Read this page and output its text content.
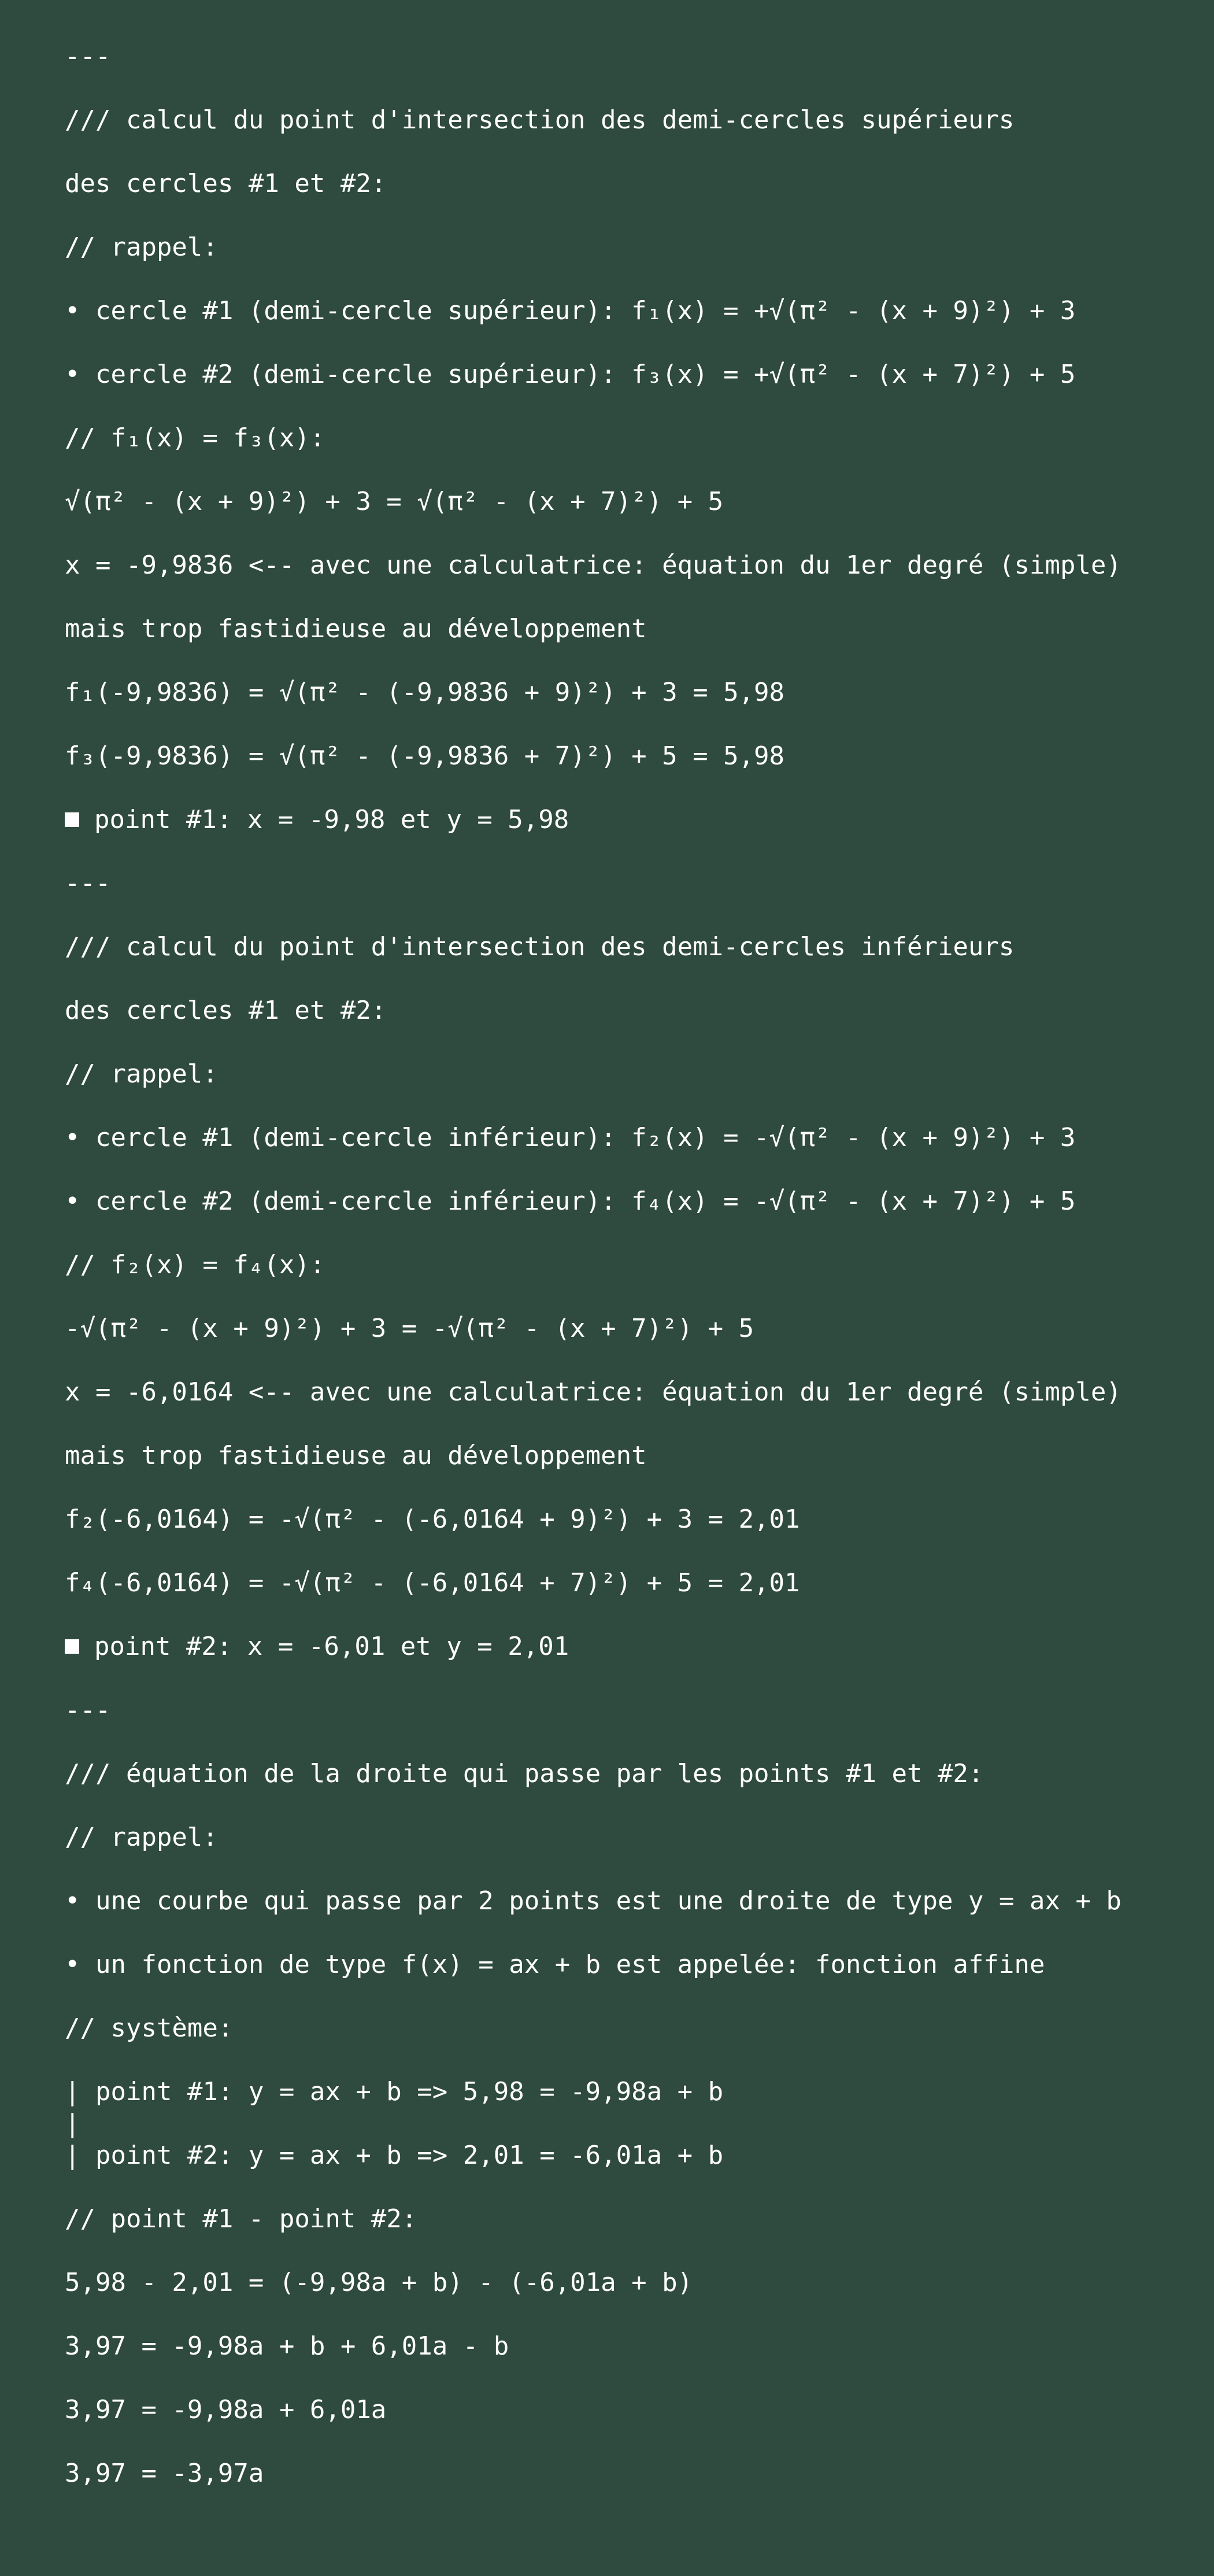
---
/// calcul du point d'intersection des demi-cercles supérieurs
des cercles #1 et #2:
// rappel:
• cercle #1 (demi-cercle supérieur): f₁(x) = +√(π² - (x + 9)²) + 3
• cercle #2 (demi-cercle supérieur): f₃(x) = +√(π² - (x + 7)²) + 5
// f₁(x) = f₃(x):
√(π² - (x + 9)²) + 3 = √(π² - (x + 7)²) + 5
x = -9,9836 <-- avec une calculatrice: équation du 1er degré (simple)
mais trop fastidieuse au développement
f₁(-9,9836) = √(π² - (-9,9836 + 9)²) + 3 = 5,98
f₃(-9,9836) = √(π² - (-9,9836 + 7)²) + 5 = 5,98
point #1: x = -9,98 et y = 5,98
---
/// calcul du point d'intersection des demi-cercles inférieurs
des cercles #1 et #2:
// rappel:
• cercle #1 (demi-cercle inférieur): f₂(x) = -√(π² - (x + 9)²) + 3
• cercle #2 (demi-cercle inférieur): f₄(x) = -√(π² - (x + 7)²) + 5
// f₂(x) = f₄(x):
-√(π² - (x + 9)²) + 3 = -√(π² - (x + 7)²) + 5
x = -6,0164 <-- avec une calculatrice: équation du 1er degré (simple)
mais trop fastidieuse au développement
f₂(-6,0164) = -√(π² - (-6,0164 + 9)²) + 3 = 2,01
f₄(-6,0164) = -√(π² - (-6,0164 + 7)²) + 5 = 2,01
point #2: x = -6,01 et y = 2,01
---
/// équation de la droite qui passe par les points #1 et #2:
// rappel:
• une courbe qui passe par 2 points est une droite de type y = ax + b
• un fonction de type f(x) = ax + b est appelée: fonction affine
// système:
| point #1: y = ax + b => 5,98 = -9,98a + b
|
| point #2: y = ax + b => 2,01 = -6,01a + b
// point #1 - point #2:
5,98 - 2,01 = (-9,98a + b) - (-6,01a + b)
3,97 = -9,98a + b + 6,01a - b
3,97 = -9,98a + 6,01a
3,97 = -3,97a
